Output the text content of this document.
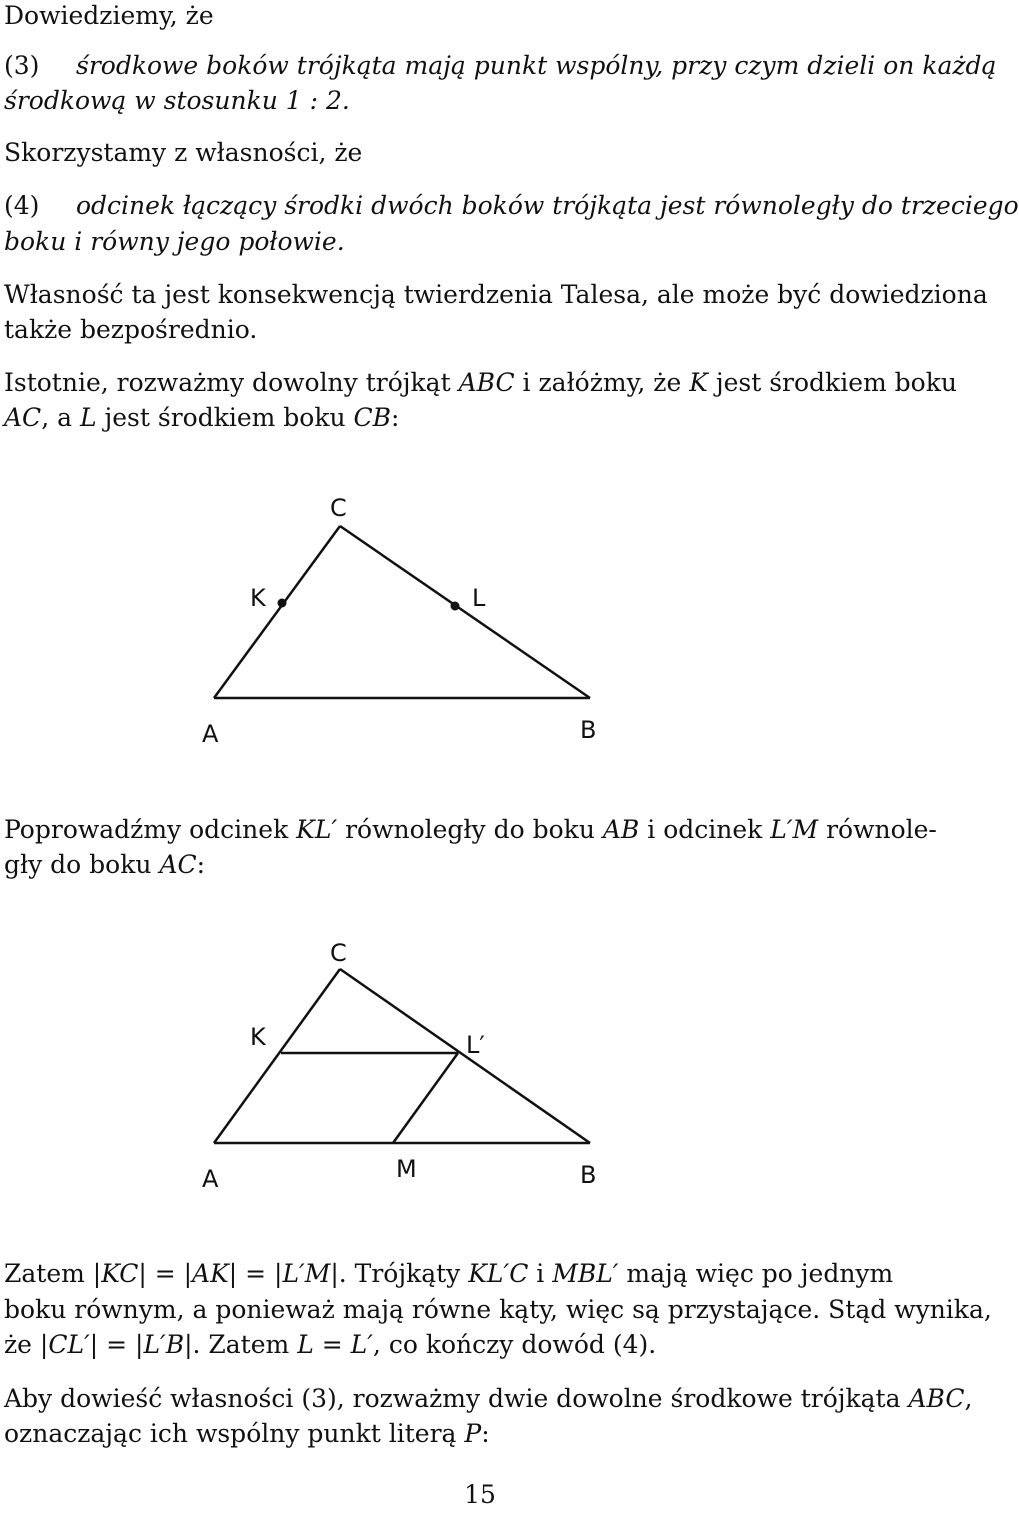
Dowiedziemy, że
(3) środkowe boków trójkąta mają punkt wspólny, przy czym dzieli on każdą
środkową w stosunku 1 : 2.
Skorzystamy z własności, że
(4) odcinek łączący środki dwóch boków trójkąta jest równoległy do trzeciego
boku i równy jego połowie.
Własność ta jest konsekwencją twierdzenia Talesa, ale może być dowiedziona
także bezpośrednio.
Istotnie, rozważmy dowolny trójkąt ABC i załóżmy, że K jest środkiem boku
AC, a L jest środkiem boku CB:
C
K	L
A	B
Poprowadźmy odcinek KL′ równoległy do boku AB i odcinek L′M równole-
gły do boku AC:
C
K	L′
A	M	B
Zatem |KC| = |AK| = |L′M|. Trójkąty KL′C i MBL′ mają więc po jednym
boku równym, a ponieważ mają równe kąty, więc są przystające. Stąd wynika,
że |CL′| = |L′B|. Zatem L = L′, co kończy dowód (4).
Aby dowieść własności (3), rozważmy dwie dowolne środkowe trójkąta ABC,
oznaczając ich wspólny punkt literą P:
15
